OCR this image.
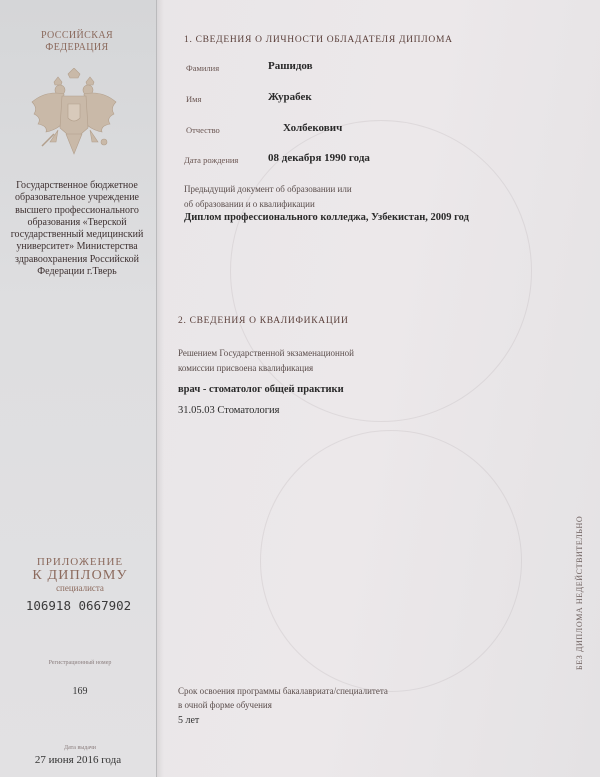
РОССИЙСКАЯ
ФЕДЕРАЦИЯ
Государственное бюджетное образовательное учреждение высшего профессионального образования «Тверской государственный медицинский университет» Министерства здравоохранения Российской Федерации г.Тверь
ПРИЛОЖЕНИЕ
К ДИПЛОМУ
специалиста
106918 0667902
Регистрационный номер
169
Дата выдачи
27 июня 2016 года
1. СВЕДЕНИЯ О ЛИЧНОСТИ ОБЛАДАТЕЛЯ ДИПЛОМА
Фамилия	Рашидов
Имя	Журабек
Отчество	Холбекович
Дата рождения	08 декабря 1990 года
Предыдущий документ об образовании или
об образовании и о квалификации
Диплом профессионального колледжа, Узбекистан, 2009 год
2. СВЕДЕНИЯ О КВАЛИФИКАЦИИ
Решением Государственной экзаменационной
комиссии присвоена квалификация
врач - стоматолог общей практики
31.05.03 Стоматология
Срок освоения программы бакалавриата/специалитета
в очной форме обучения
5 лет
БЕЗ ДИПЛОМА НЕДЕЙСТВИТЕЛЬНО
